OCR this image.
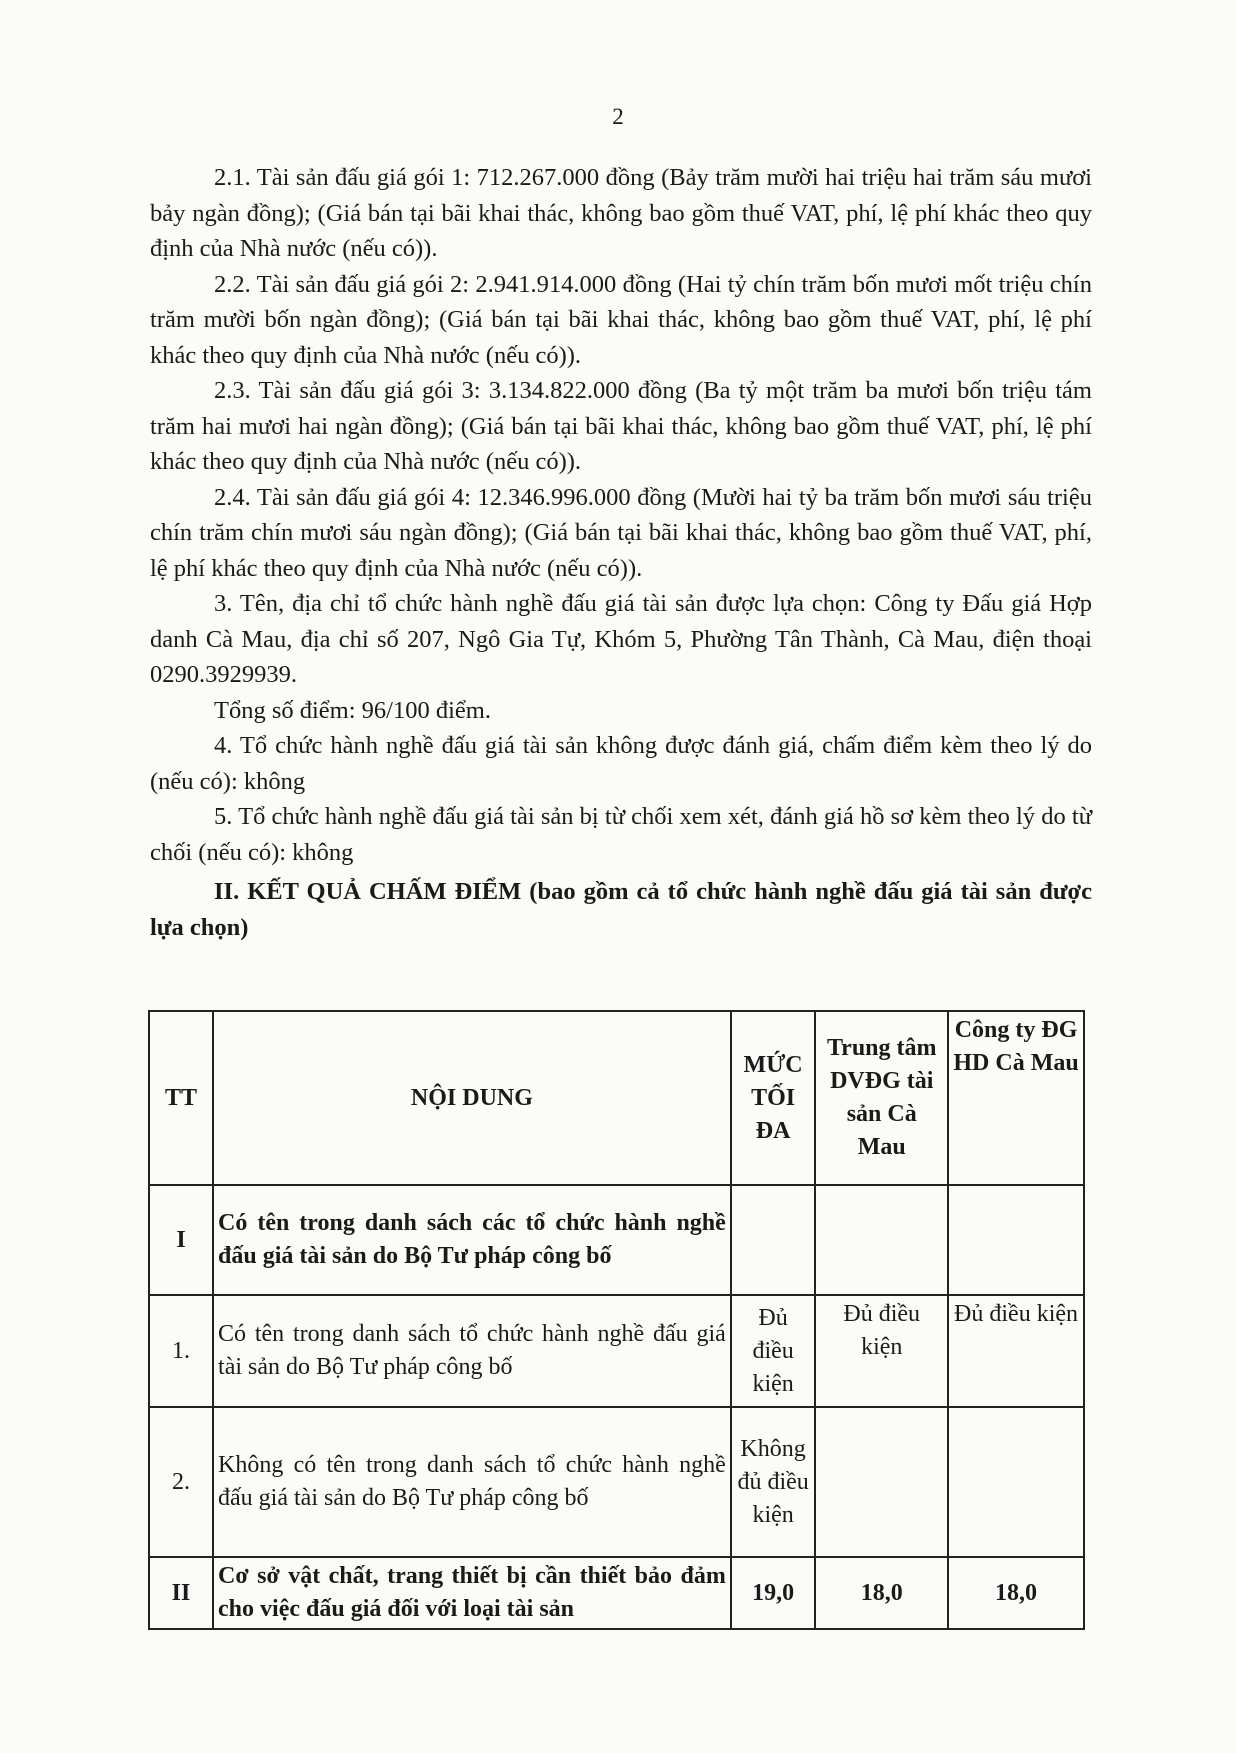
2

2.1. Tài sản đấu giá gói 1: 712.267.000 đồng (Bảy trăm mười hai triệu hai trăm sáu mươi bảy ngàn đồng); (Giá bán tại bãi khai thác, không bao gồm thuế VAT, phí, lệ phí khác theo quy định của Nhà nước (nếu có)).

2.2. Tài sản đấu giá gói 2: 2.941.914.000 đồng (Hai tỷ chín trăm bốn mươi mốt triệu chín trăm mười bốn ngàn đồng); (Giá bán tại bãi khai thác, không bao gồm thuế VAT, phí, lệ phí khác theo quy định của Nhà nước (nếu có)).

2.3. Tài sản đấu giá gói 3: 3.134.822.000 đồng (Ba tỷ một trăm ba mươi bốn triệu tám trăm hai mươi hai ngàn đồng); (Giá bán tại bãi khai thác, không bao gồm thuế VAT, phí, lệ phí khác theo quy định của Nhà nước (nếu có)).

2.4. Tài sản đấu giá gói 4: 12.346.996.000 đồng (Mười hai tỷ ba trăm bốn mươi sáu triệu chín trăm chín mươi sáu ngàn đồng); (Giá bán tại bãi khai thác, không bao gồm thuế VAT, phí, lệ phí khác theo quy định của Nhà nước (nếu có)).

3. Tên, địa chỉ tổ chức hành nghề đấu giá tài sản được lựa chọn: Công ty Đấu giá Hợp danh Cà Mau, địa chỉ số 207, Ngô Gia Tự, Khóm 5, Phường Tân Thành, Cà Mau, điện thoại 0290.3929939.

Tổng số điểm: 96/100 điểm.

4. Tổ chức hành nghề đấu giá tài sản không được đánh giá, chấm điểm kèm theo lý do (nếu có): không

5. Tổ chức hành nghề đấu giá tài sản bị từ chối xem xét, đánh giá hồ sơ kèm theo lý do từ chối (nếu có): không

II. KẾT QUẢ CHẤM ĐIỂM (bao gồm cả tổ chức hành nghề đấu giá tài sản được lựa chọn)

TT	NỘI DUNG	MỨC TỐI ĐA	Trung tâm DVĐG tài sản Cà Mau	Công ty ĐG HD Cà Mau
I	Có tên trong danh sách các tổ chức hành nghề đấu giá tài sản do Bộ Tư pháp công bố			
1.	Có tên trong danh sách tổ chức hành nghề đấu giá tài sản do Bộ Tư pháp công bố	Đủ điều kiện	Đủ điều kiện	Đủ điều kiện
2.	Không có tên trong danh sách tổ chức hành nghề đấu giá tài sản do Bộ Tư pháp công bố	Không đủ điều kiện		
II	Cơ sở vật chất, trang thiết bị cần thiết bảo đảm cho việc đấu giá đối với loại tài sản	19,0	18,0	18,0
